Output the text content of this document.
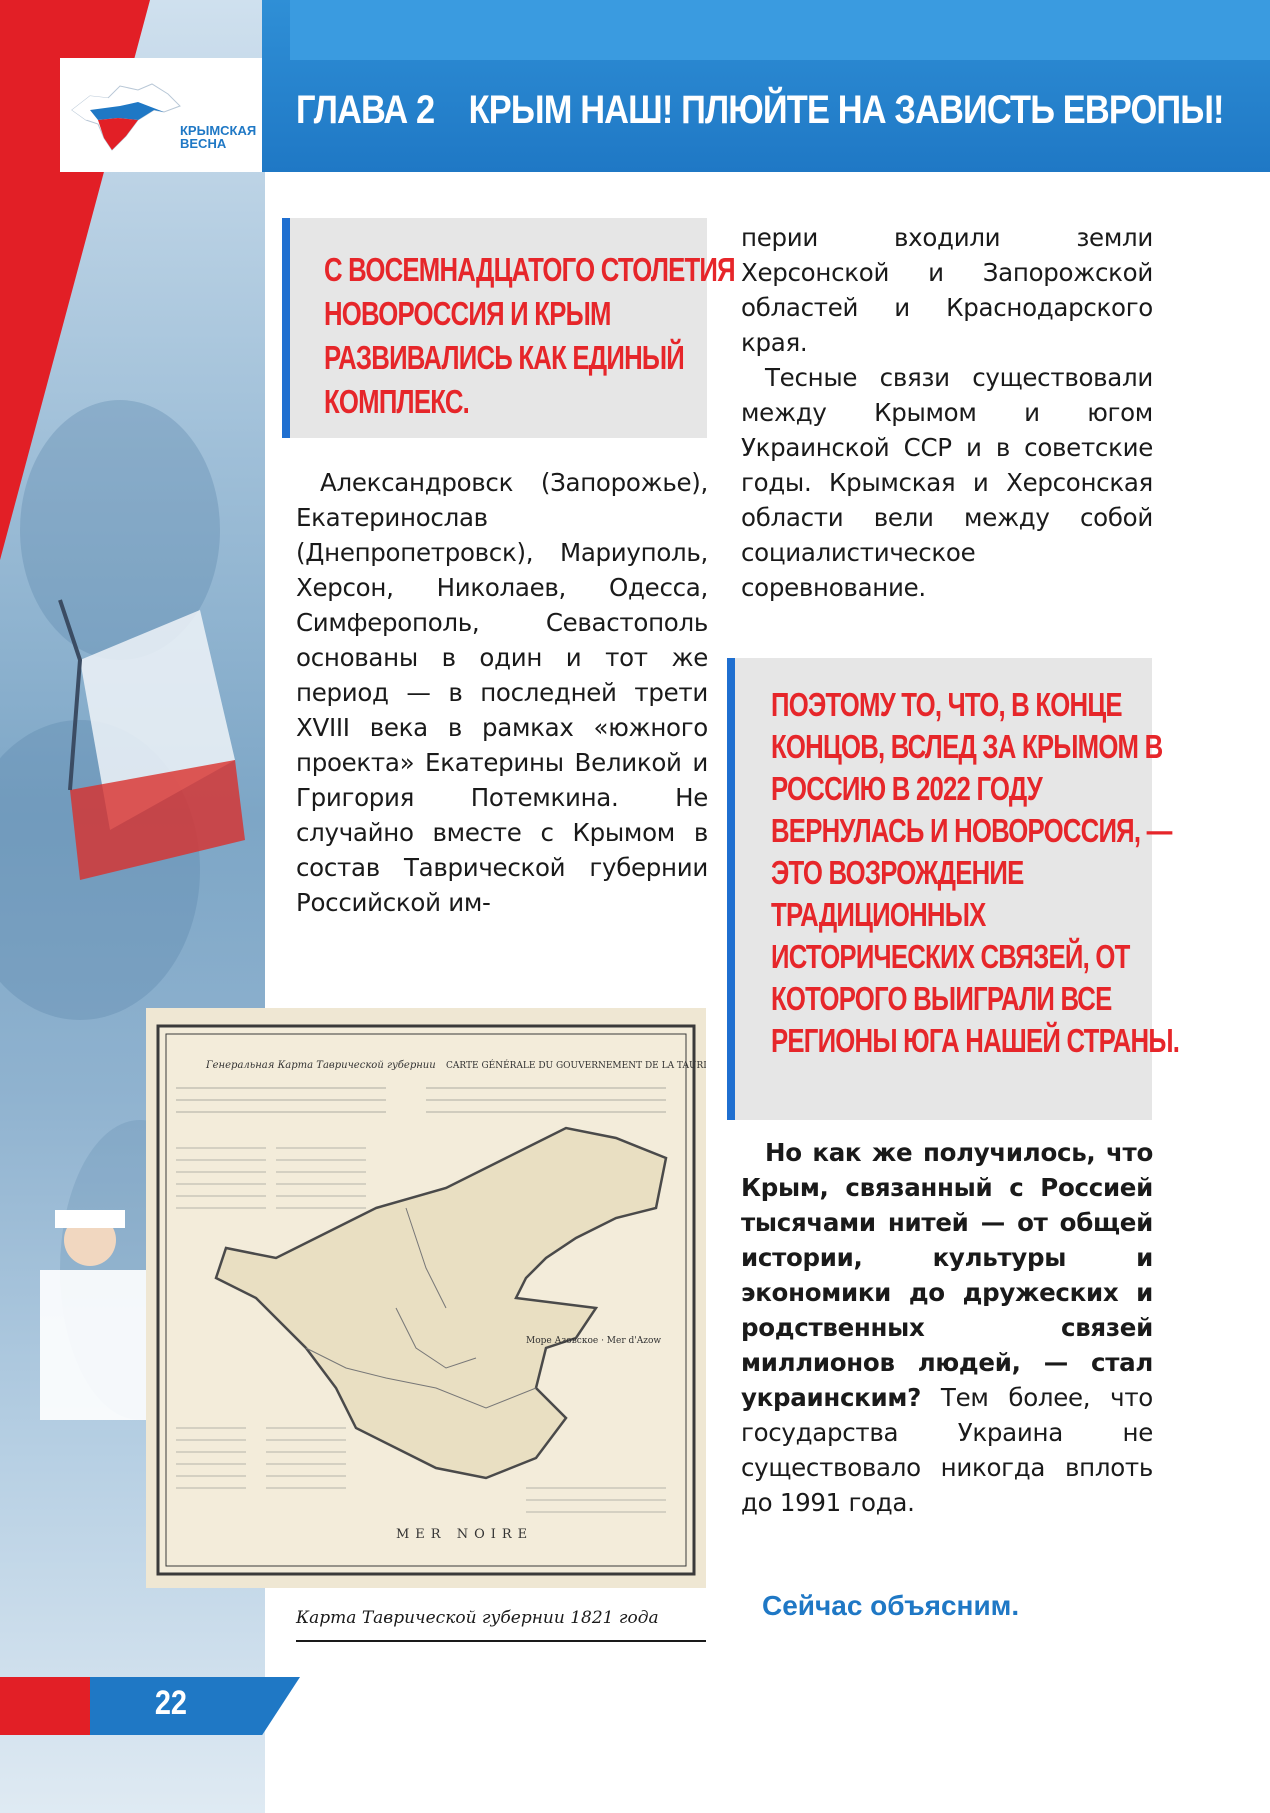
КРЫМСКАЯ
ВЕСНА
ГЛАВА 2 КРЫМ НАШ! ПЛЮЙТЕ НА ЗАВИСТЬ ЕВРОПЫ!
С ВОСЕМНАДЦАТОГО СТОЛЕТИЯ НОВОРОССИЯ И КРЫМ РАЗВИВАЛИСЬ КАК ЕДИНЫЙ КОМПЛЕКС.

Александровск (Запорожье), Екатеринослав (Днепропетровск), Мариуполь, Херсон, Николаев, Одесса, Симферополь, Севастополь основаны в один и тот же период — в последней трети XVIII века в рамках «южного проекта» Екатерины Великой и Григория Потемкина. Не случайно вместе с Крымом в состав Таврической губернии Российской им-

перии входили земли Херсонской и Запорожской областей и Краснодарского края.

Тесные связи существовали между Крымом и югом Украинской ССР и в советские годы. Крымская и Херсонская области вели между собой социалистическое соревнование.

ПОЭТОМУ ТО, ЧТО, В КОНЦЕ КОНЦОВ, ВСЛЕД ЗА КРЫМОМ В РОССИЮ В 2022 ГОДУ ВЕРНУЛАСЬ И НОВОРОССИЯ, — ЭТО ВОЗРОЖДЕНИЕ ТРАДИЦИОННЫХ ИСТОРИЧЕСКИХ СВЯЗЕЙ, ОТ КОТОРОГО ВЫИГРАЛИ ВСЕ РЕГИОНЫ ЮГА НАШЕЙ СТРАНЫ.

Но как же получилось, что Крым, связанный с Россией тысячами нитей — от общей истории, культуры и экономики до дружеских и родственных связей миллионов людей, — стал украинским? Тем более, что государства Украина не существовало никогда вплоть до 1991 года.

Сейчас объясним.
Генеральная Карта Таврической губернии CARTE GÉNÉRALE DU GOUVERNEMENT DE LA TAURIDE
Море Азовское · Mer d'Azow
MER NOIRE
Карта Таврической губернии 1821 года
22
